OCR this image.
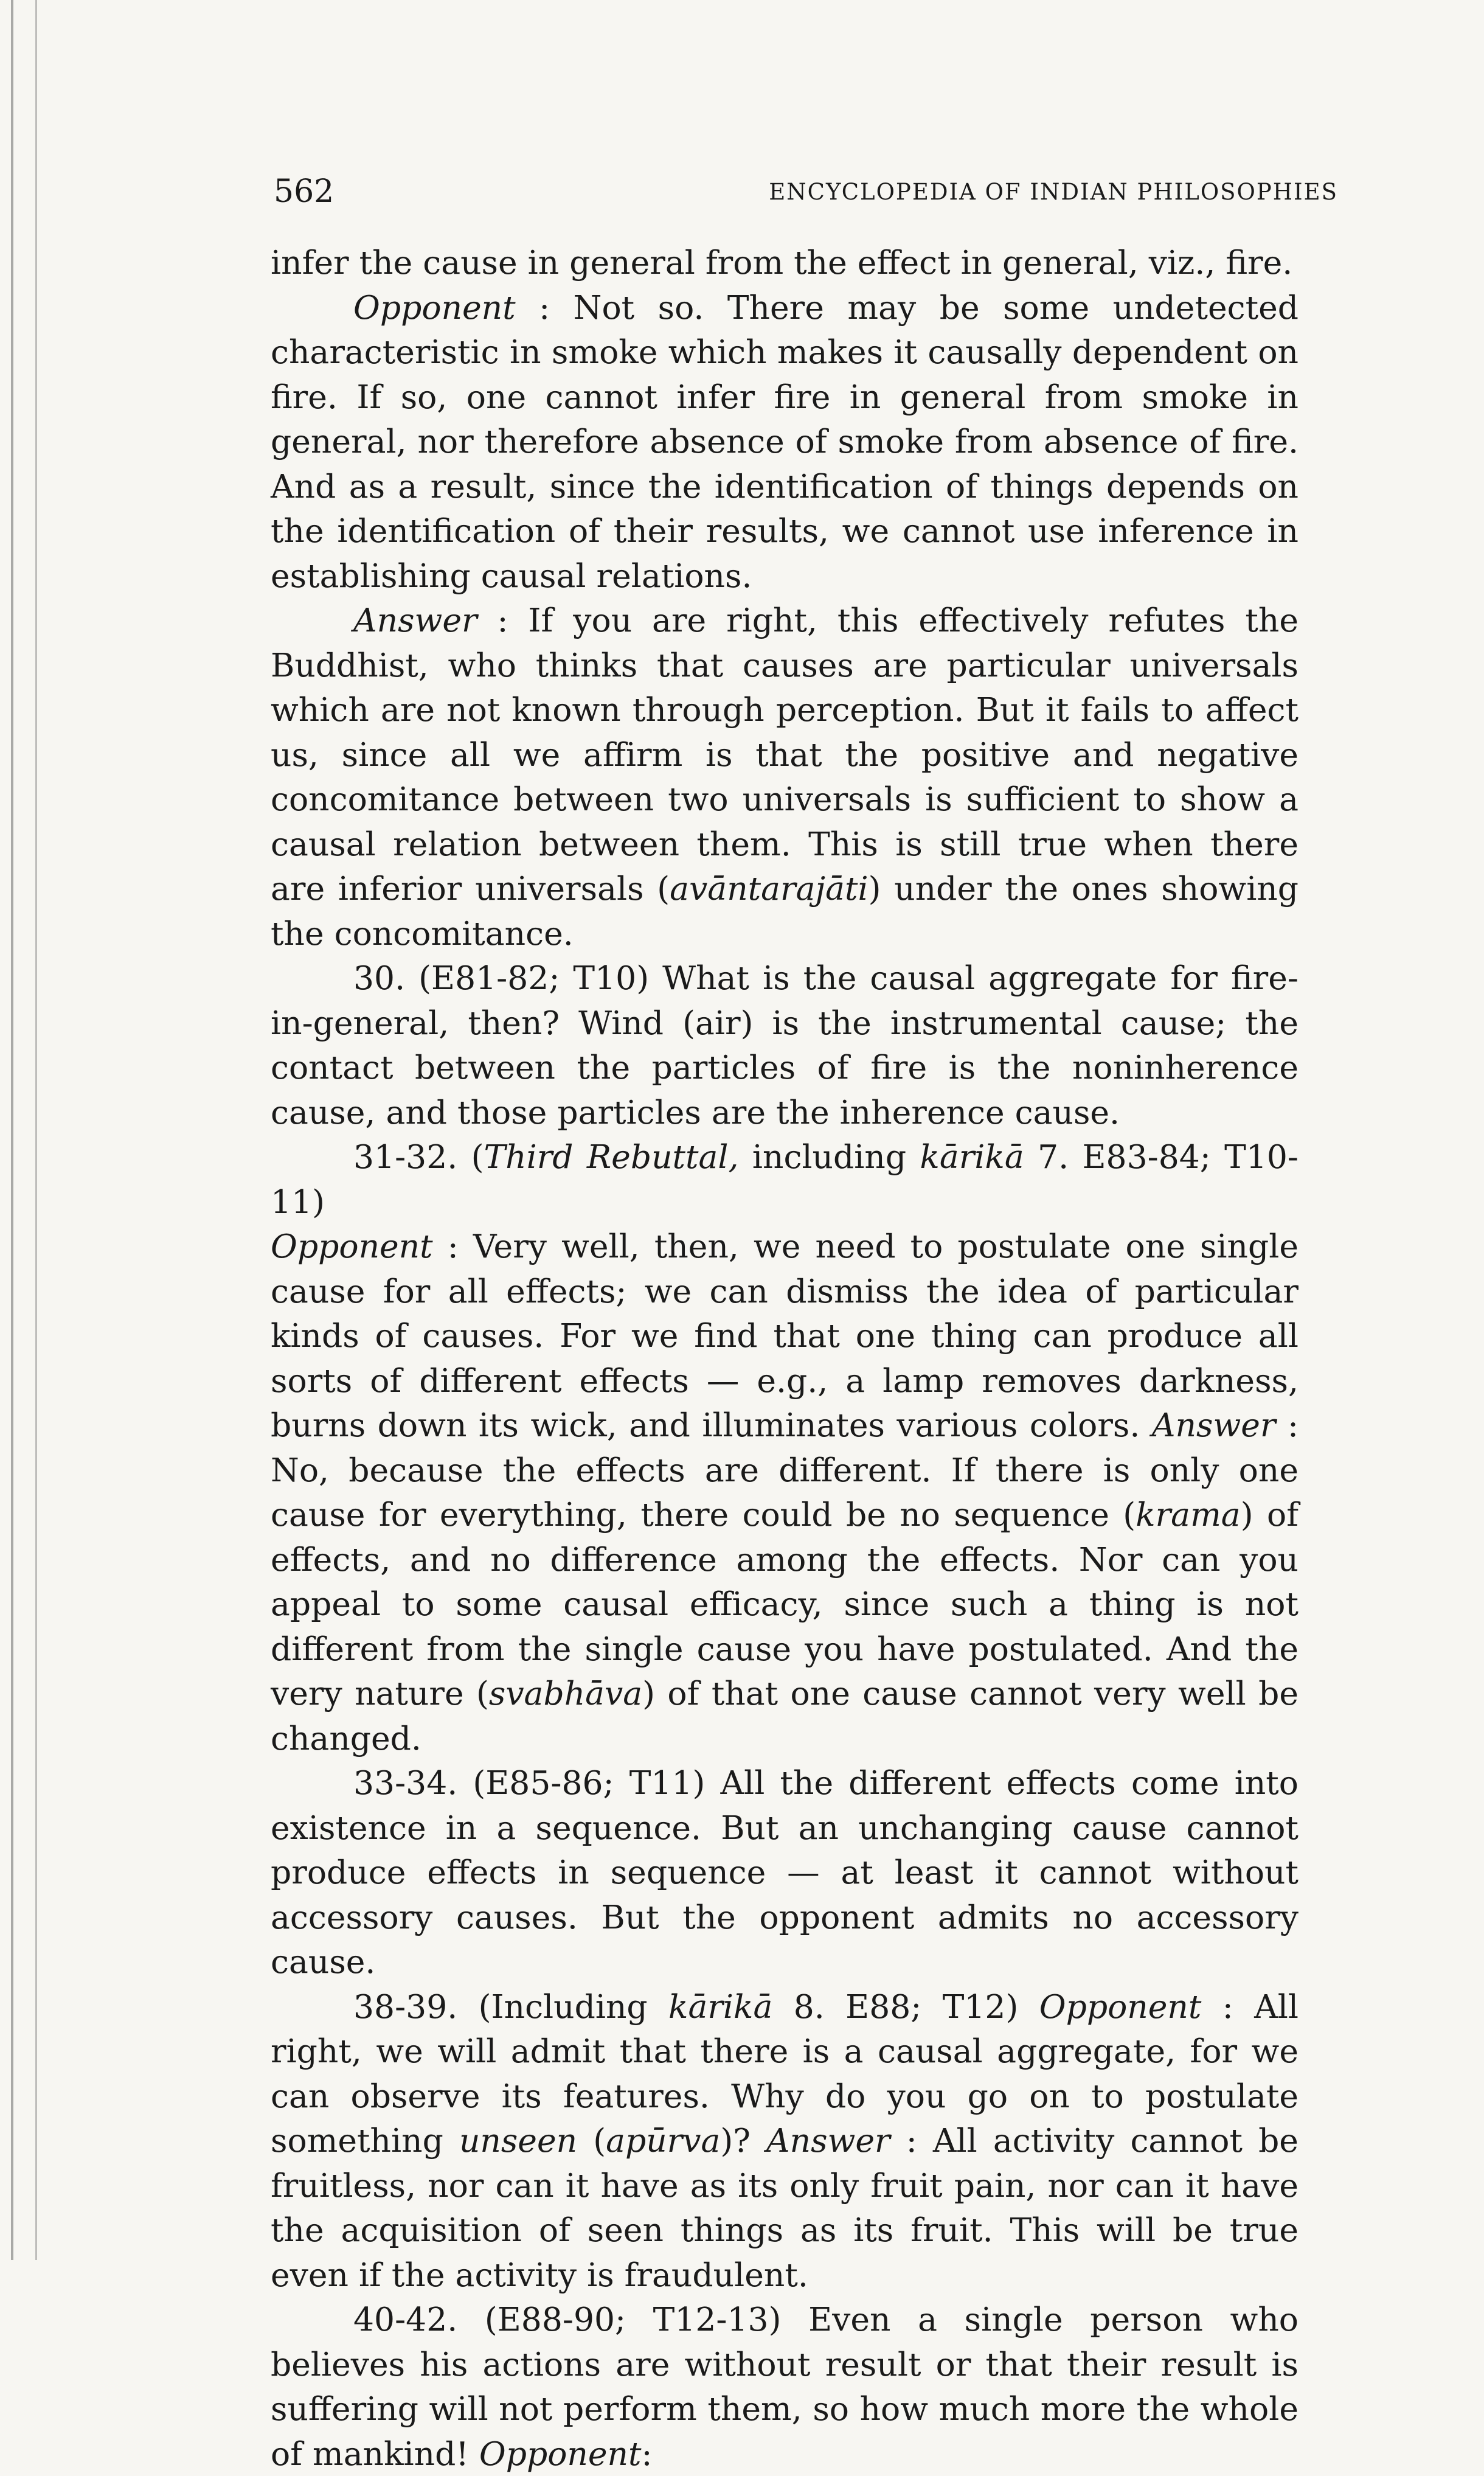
562	ENCYCLOPEDIA OF INDIAN PHILOSOPHIES

infer the cause in general from the effect in general, viz., fire.

Opponent : Not so. There may be some undetected characteristic in smoke which makes it causally dependent on fire. If so, one cannot infer fire in general from smoke in general, nor therefore absence of smoke from absence of fire. And as a result, since the identification of things depends on the identification of their results, we cannot use inference in establishing causal relations.

Answer : If you are right, this effectively refutes the Buddhist, who thinks that causes are particular universals which are not known through perception. But it fails to affect us, since all we affirm is that the positive and negative concomitance between two universals is sufficient to show a causal relation between them. This is still true when there are inferior universals (avāntarajāti) under the ones showing the concomitance.

30. (E81-82; T10) What is the causal aggregate for fire-in-general, then? Wind (air) is the instrumental cause; the contact between the particles of fire is the noninherence cause, and those particles are the inherence cause.

31-32. (Third Rebuttal, including kārikā 7. E83-84; T10-11)

Opponent : Very well, then, we need to postulate one single cause for all effects; we can dismiss the idea of particular kinds of causes. For we find that one thing can produce all sorts of different effects — e.g., a lamp removes darkness, burns down its wick, and illuminates various colors. Answer : No, because the effects are different. If there is only one cause for everything, there could be no sequence (krama) of effects, and no difference among the effects. Nor can you appeal to some causal efficacy, since such a thing is not different from the single cause you have postulated. And the very nature (svabhāva) of that one cause cannot very well be changed.

33-34. (E85-86; T11) All the different effects come into existence in a sequence. But an unchanging cause cannot produce effects in sequence — at least it cannot without accessory causes. But the opponent admits no accessory cause.

38-39. (Including kārikā 8. E88; T12) Opponent : All right, we will admit that there is a causal aggregate, for we can observe its features. Why do you go on to postulate something unseen (apūrva)? Answer : All activity cannot be fruitless, nor can it have as its only fruit pain, nor can it have the acquisition of seen things as its fruit. This will be true even if the activity is fraudulent.

40-42. (E88-90; T12-13) Even a single person who believes his actions are without result or that their result is suffering will not perform them, so how much more the whole of mankind! Opponent:
